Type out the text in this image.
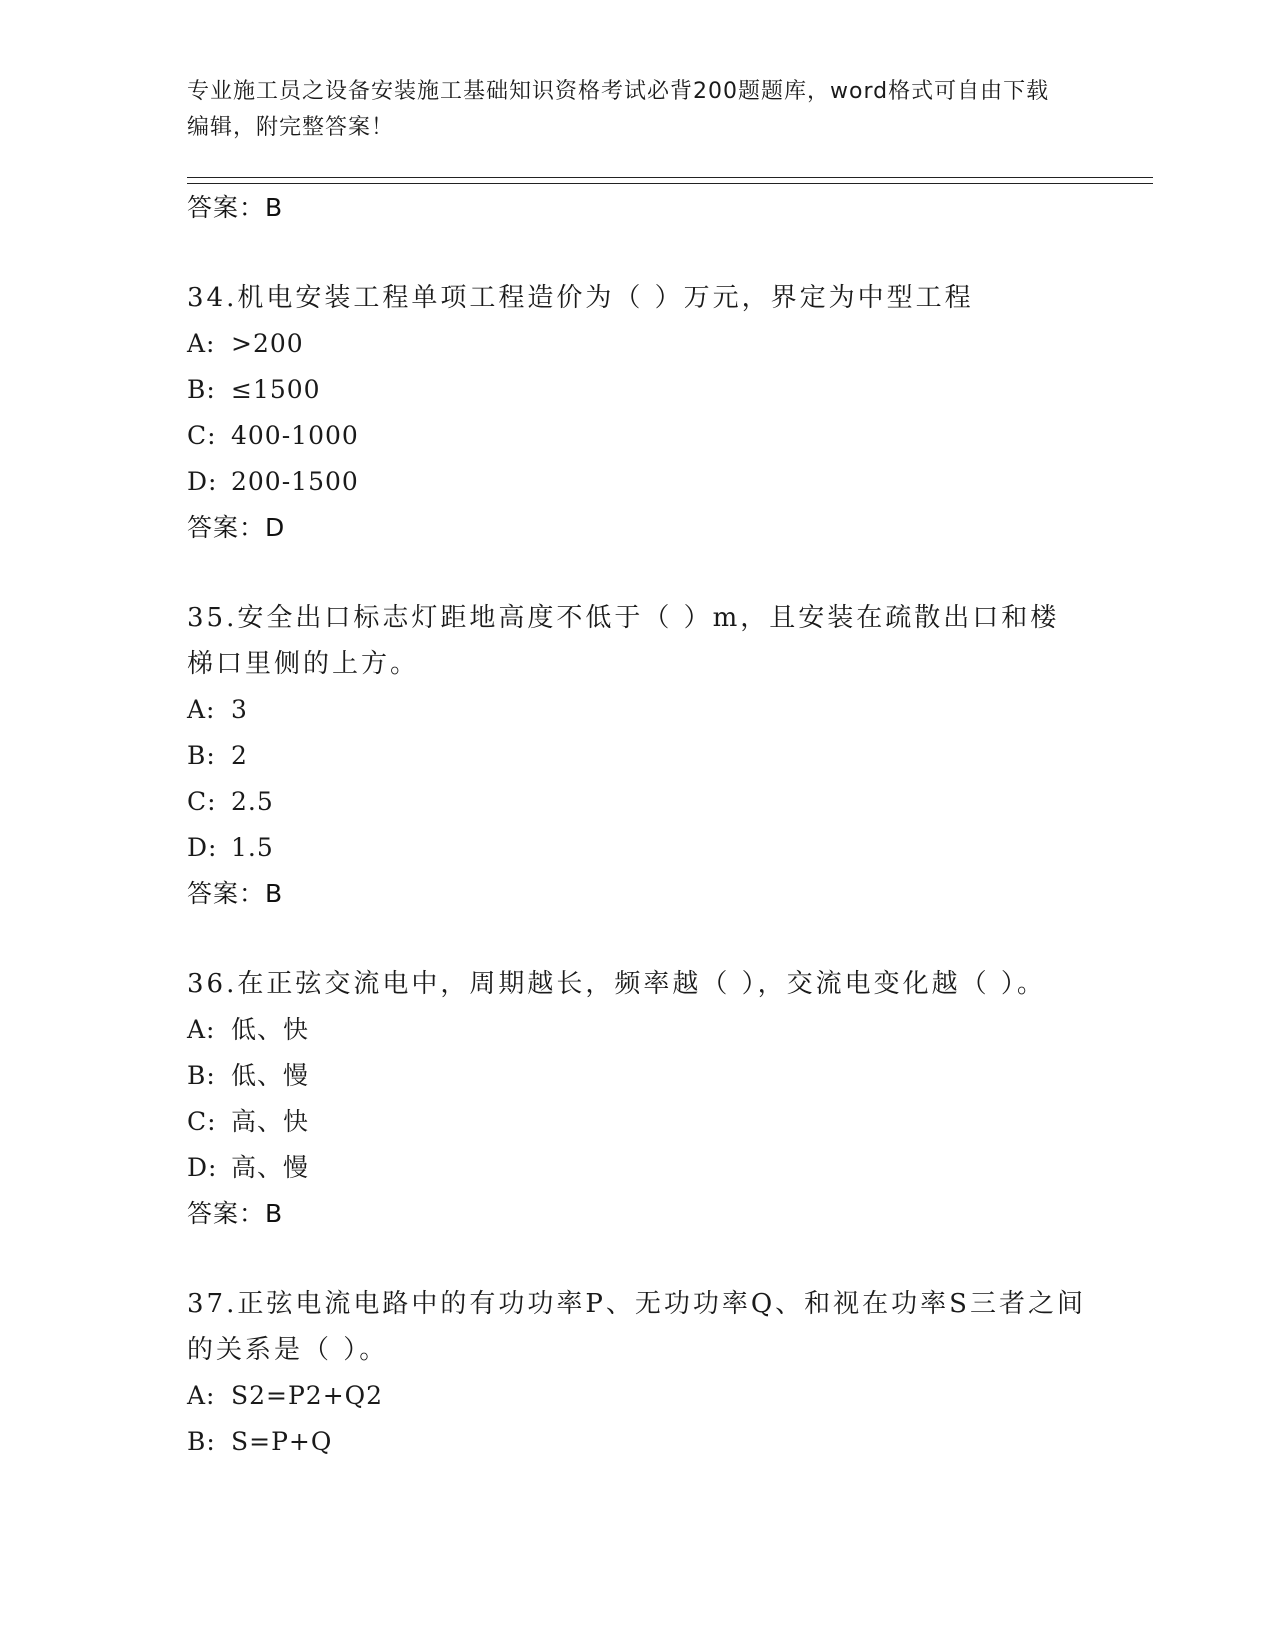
专业施工员之设备安装施工基础知识资格考试必背200题题库，word格式可自由下载编辑，附完整答案！
答案：B
34.机电安装工程单项工程造价为（ ）万元，界定为中型工程
A: >200
B: ≤1500
C: 400-1000
D: 200-1500
答案：D
35.安全出口标志灯距地高度不低于（ ）m，且安装在疏散出口和楼梯口里侧的上方。
A: 3
B: 2
C: 2.5
D: 1.5
答案：B
36.在正弦交流电中，周期越长，频率越（ ），交流电变化越（ ）。
A: 低、快
B: 低、慢
C: 高、快
D: 高、慢
答案：B
37.正弦电流电路中的有功功率P、无功功率Q、和视在功率S三者之间的关系是（ ）。
A: S2=P2+Q2
B: S=P+Q
